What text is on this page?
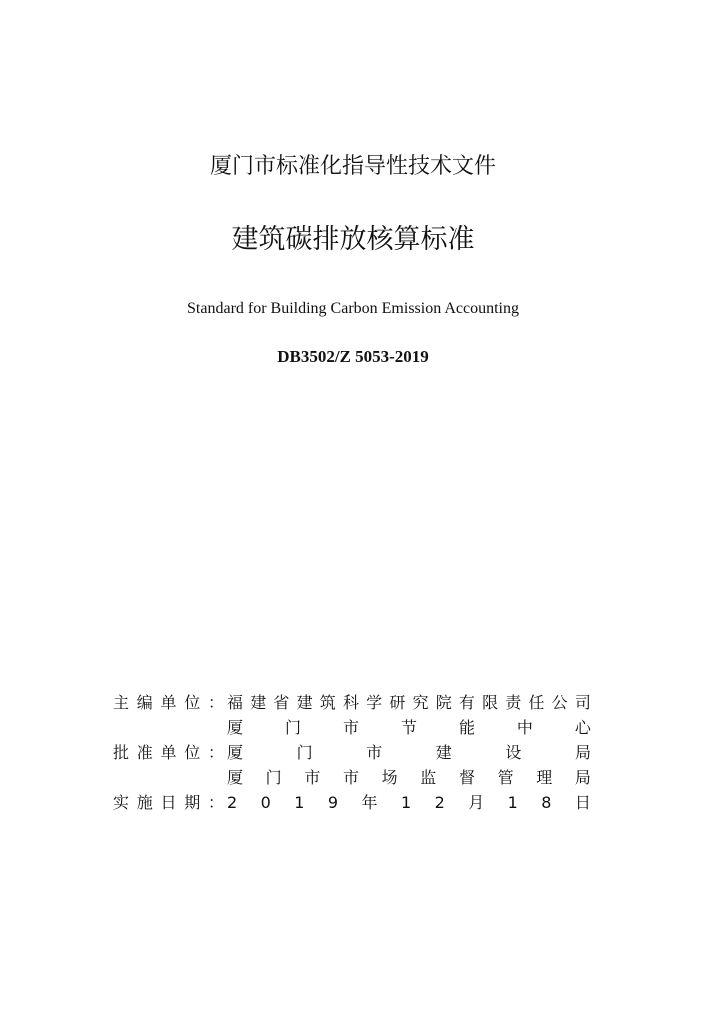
厦门市标准化指导性技术文件
建筑碳排放核算标准
Standard for Building Carbon Emission Accounting
DB3502/Z 5053-2019
主 编 单 位 ： 福 建 省 建 筑 科 学 研 究 院 有 限 责 任 公 司
厦	门	市	节	能	中	心
批 准 单 位 ： 厦	门	市	建	设	局
厦 门 市 市 场 监 督 管 理 局
实 施 日 期 ： 2 0 1 9 年 1 2 月 1 8 日
